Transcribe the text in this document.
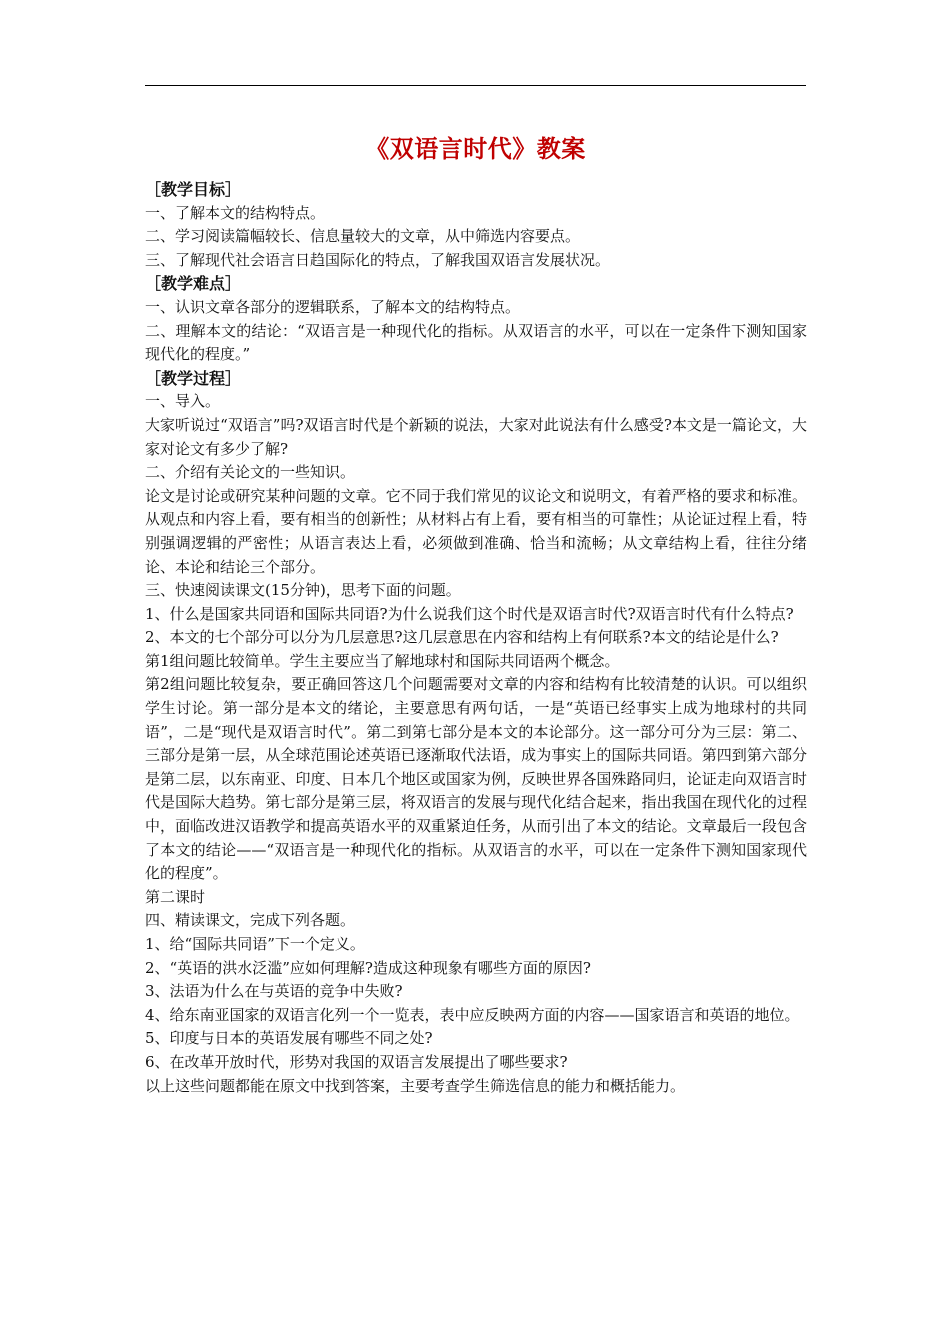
《双语言时代》教案

［教学目标］

一、了解本文的结构特点。

二、学习阅读篇幅较长、信息量较大的文章，从中筛选内容要点。

三、了解现代社会语言日趋国际化的特点，了解我国双语言发展状况。

［教学难点］

一、认识文章各部分的逻辑联系，了解本文的结构特点。

二、理解本文的结论：“双语言是一种现代化的指标。从双语言的水平，可以在一定条件下测知国家现代化的程度。”

［教学过程］

一、导入。

大家听说过“双语言”吗?双语言时代是个新颖的说法，大家对此说法有什么感受?本文是一篇论文，大家对论文有多少了解?

二、介绍有关论文的一些知识。

论文是讨论或研究某种问题的文章。它不同于我们常见的议论文和说明文，有着严格的要求和标准。从观点和内容上看，要有相当的创新性；从材料占有上看，要有相当的可靠性；从论证过程上看，特别强调逻辑的严密性；从语言表达上看，必须做到准确、恰当和流畅；从文章结构上看，往往分绪论、本论和结论三个部分。

三、快速阅读课文(15分钟)，思考下面的问题。

1、什么是国家共同语和国际共同语?为什么说我们这个时代是双语言时代?双语言时代有什么特点?

2、本文的七个部分可以分为几层意思?这几层意思在内容和结构上有何联系?本文的结论是什么?

第1组问题比较简单。学生主要应当了解地球村和国际共同语两个概念。

第2组问题比较复杂，要正确回答这几个问题需要对文章的内容和结构有比较清楚的认识。可以组织学生讨论。第一部分是本文的绪论，主要意思有两句话，一是“英语已经事实上成为地球村的共同语”，二是“现代是双语言时代”。第二到第七部分是本文的本论部分。这一部分可分为三层：第二、三部分是第一层，从全球范围论述英语已逐渐取代法语，成为事实上的国际共同语。第四到第六部分是第二层，以东南亚、印度、日本几个地区或国家为例，反映世界各国殊路同归，论证走向双语言时代是国际大趋势。第七部分是第三层，将双语言的发展与现代化结合起来，指出我国在现代化的过程中，面临改进汉语教学和提高英语水平的双重紧迫任务，从而引出了本文的结论。文章最后一段包含了本文的结论——“双语言是一种现代化的指标。从双语言的水平，可以在一定条件下测知国家现代化的程度”。

第二课时

四、精读课文，完成下列各题。

1、给“国际共同语”下一个定义。

2、“英语的洪水泛滥”应如何理解?造成这种现象有哪些方面的原因?

3、法语为什么在与英语的竞争中失败?

4、给东南亚国家的双语言化列一个一览表，表中应反映两方面的内容——国家语言和英语的地位。

5、印度与日本的英语发展有哪些不同之处?

6、在改革开放时代，形势对我国的双语言发展提出了哪些要求?

以上这些问题都能在原文中找到答案，主要考查学生筛选信息的能力和概括能力。
